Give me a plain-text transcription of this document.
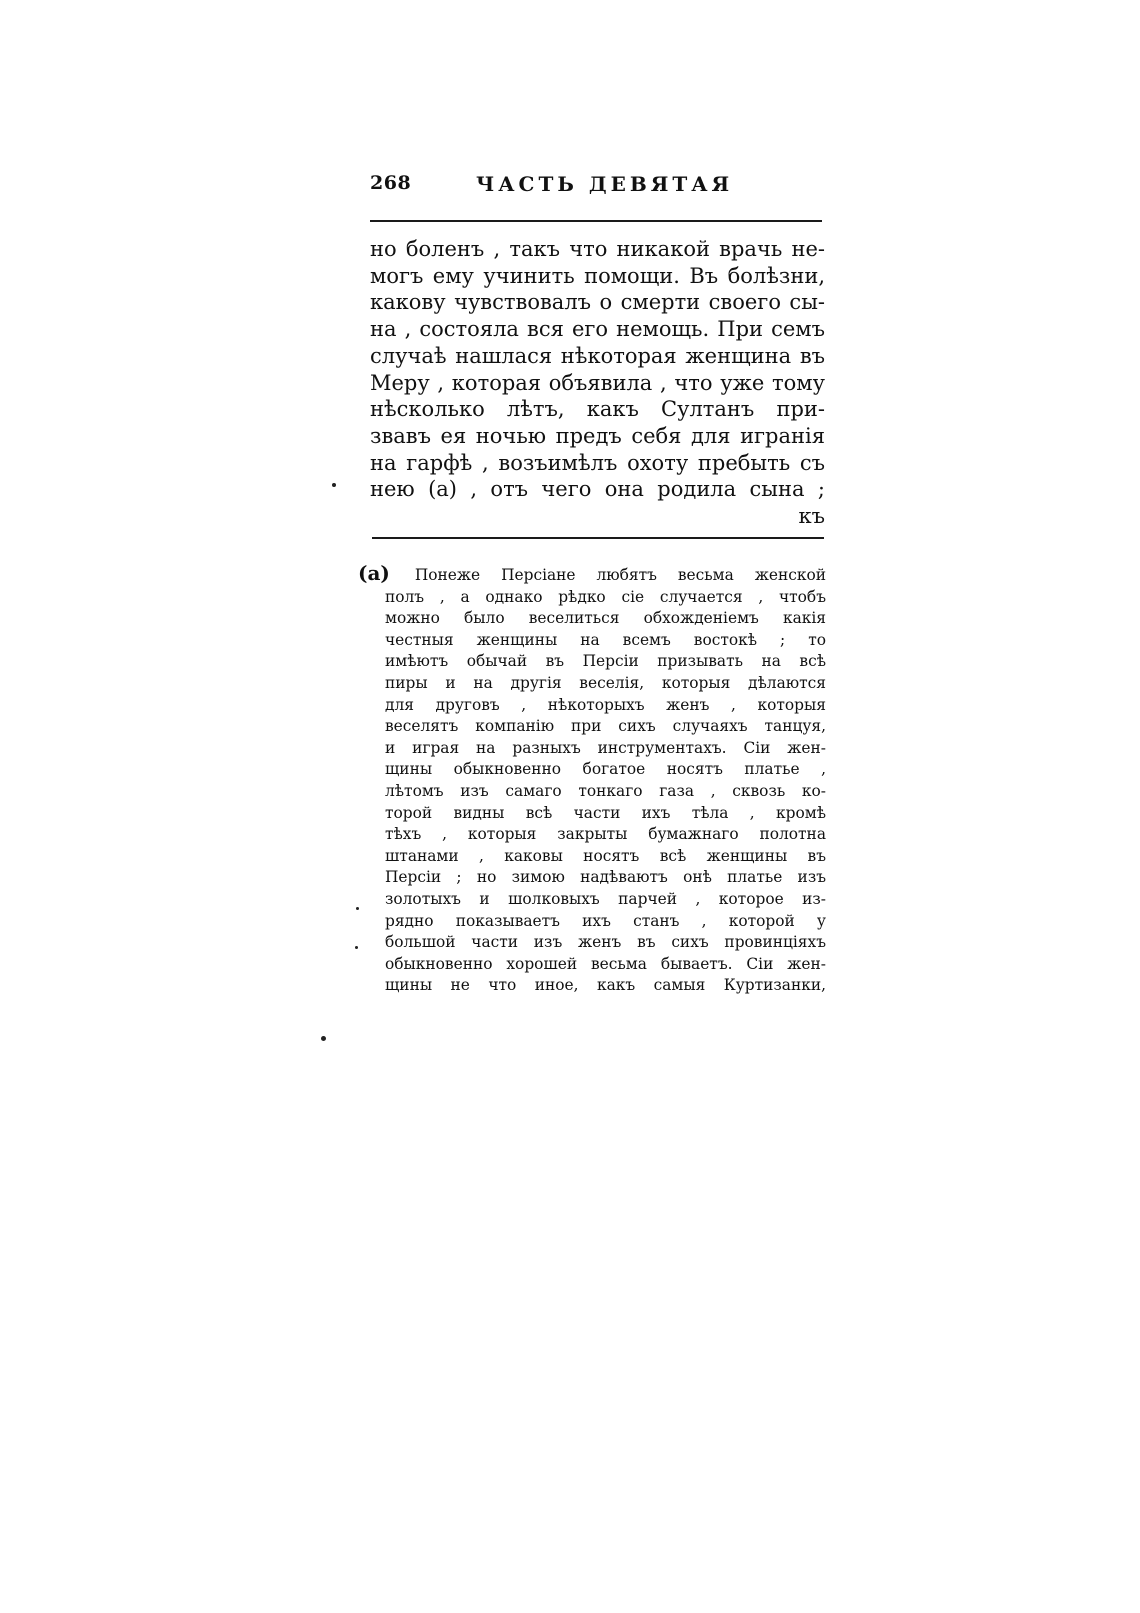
268	ЧАСТЬ ДЕВЯТАЯ
но боленъ , такъ что никакой врачь не-
могъ ему учинить помощи. Въ болѣзни,
какову чувствовалъ о смерти своего сы-
на , состояла вся его немощь. При семъ
случаѣ нашлася нѣкоторая женщина въ
Меру , которая объявила , что уже тому
нѣсколько лѣтъ, какъ Султанъ при-
звавъ ея ночью предъ себя для игранія
на гарфѣ , возъимѣлъ охоту пребыть съ
нею (a) , отъ чего она родила сына ;
къ
(a) Понеже Персіане любятъ весьма женской
полъ , а однако рѣдко сіе случается , чтобъ
можно было веселиться обхожденіемъ какія
честныя женщины на всемъ востокѣ ; то
имѣютъ обычай въ Персіи призывать на всѣ
пиры и на другія веселія, которыя дѣлаются
для друговъ , нѣкоторыхъ женъ , которыя
веселятъ компанію при сихъ случаяхъ танцуя,
и играя на разныхъ инструментахъ. Сіи жен-
щины обыкновенно богатое носятъ платье ,
лѣтомъ изъ самаго тонкаго газа , сквозь ко-
торой видны всѣ части ихъ тѣла , кромѣ
тѣхъ , которыя закрыты бумажнаго полотна
штанами , каковы носятъ всѣ женщины въ
Персіи ; но зимою надѣваютъ онѣ платье изъ
золотыхъ и шолковыхъ парчей , которое из-
рядно показываетъ ихъ станъ , которой у
большой части изъ женъ въ сихъ провинціяхъ
обыкновенно хорошей весьма бываетъ. Сіи жен-
щины не что иное, какъ самыя Куртизанки,
